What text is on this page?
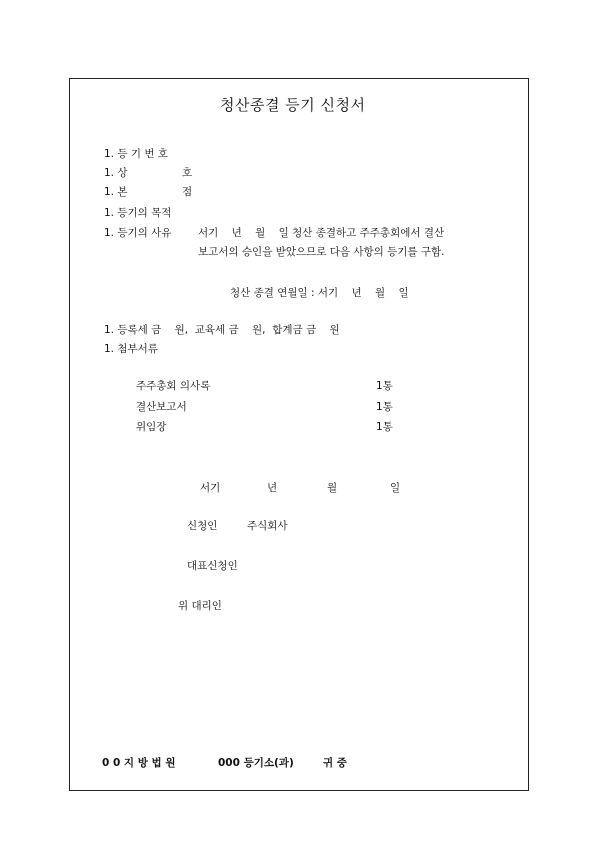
청산종결 등기 신청서
1. 등 기 번 호
1. 상	호
1. 본	점
1. 등기의 목적
1. 등기의 사유	서기    년    월    일 청산 종결하고 주주총회에서 결산
보고서의 승인을 받았으므로 다음 사항의 등기를 구함.
청산 종결 연월일 : 서기    년    월    일
1. 등록세 금    원,  교육세 금    원,  합계금 금    원
1. 첨부서류
주주총회 의사록	1통
결산보고서	1통
위임장	1통
서기	년	월	일
신청인	주식회사
대표신청인
위 대리인
0 0 지 방 법 원	000 등기소(과)	귀 중
